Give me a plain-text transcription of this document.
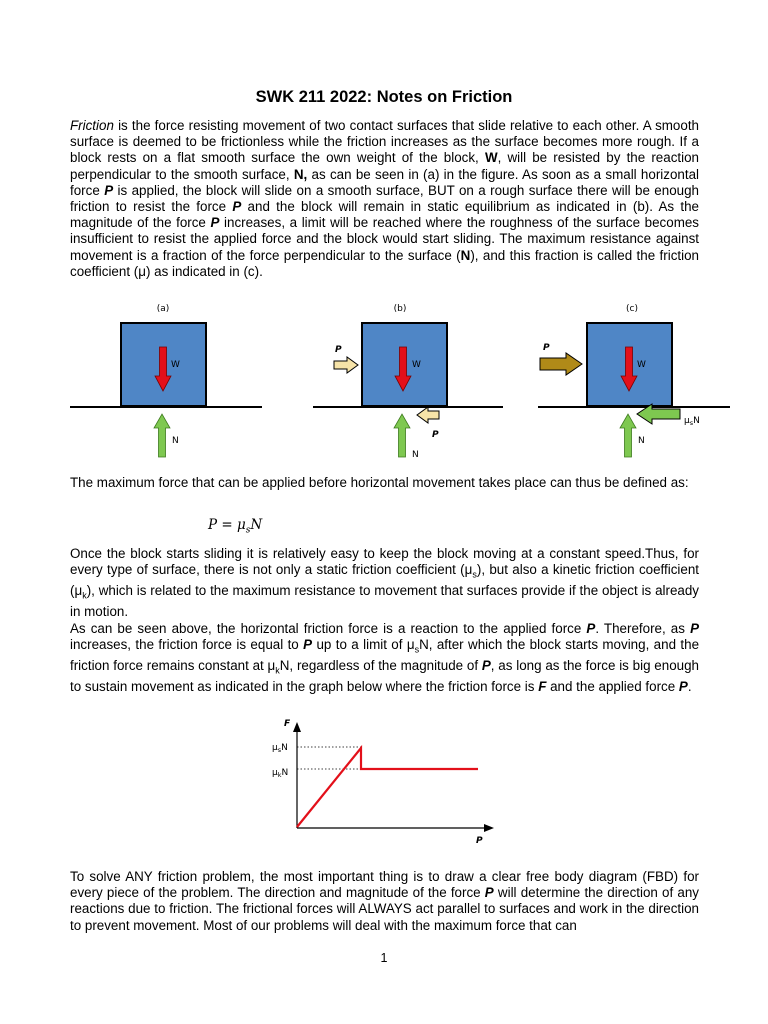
SWK 211 2022: Notes on Friction

Friction is the force resisting movement of two contact surfaces that slide relative to each other. A smooth surface is deemed to be frictionless while the friction increases as the surface becomes more rough. If a block rests on a flat smooth surface the own weight of the block, W, will be resisted by the reaction perpendicular to the smooth surface, N, as can be seen in (a) in the figure. As soon as a small horizontal force P is applied, the block will slide on a smooth surface, BUT on a rough surface there will be enough friction to resist the force P and the block will remain in static equilibrium as indicated in (b). As the magnitude of the force P increases, a limit will be reached where the roughness of the surface becomes insufficient to resist the applied force and the block would start sliding. The maximum resistance against movement is a fraction of the force perpendicular to the surface (N), and this fraction is called the friction coefficient (μ) as indicated in (c).

(a)	(b)	(c)
W	W	W
N
N
N
P
P
P
$\mu_sN$

The maximum force that can be applied before horizontal movement takes place can thus be defined as:

$P = \mu_sN$

Once the block starts sliding it is relatively easy to keep the block moving at a constant speed.Thus, for every type of surface, there is not only a static friction coefficient $(\mu_s)$, but also a kinetic friction coefficient $(\mu_k)$, which is related to the maximum resistance to movement that surfaces provide if the object is already in motion.

As can be seen above, the horizontal friction force is a reaction to the applied force P. Therefore, as P increases, the friction force is equal to P up to a limit of $\mu_sN$, after which the block starts moving, and the friction force remains constant at $\mu_kN$, regardless of the magnitude of P, as long as the force is big enough to sustain movement as indicated in the graph below where the friction force is F and the applied force P.

F
P
$\mu_sN$
$\mu_kN$

To solve ANY friction problem, the most important thing is to draw a clear free body diagram (FBD) for every piece of the problem. The direction and magnitude of the force P will determine the direction of any reactions due to friction. The frictional forces will ALWAYS act parallel to surfaces and work in the direction to prevent movement. Most of our problems will deal with the maximum force that can

1
